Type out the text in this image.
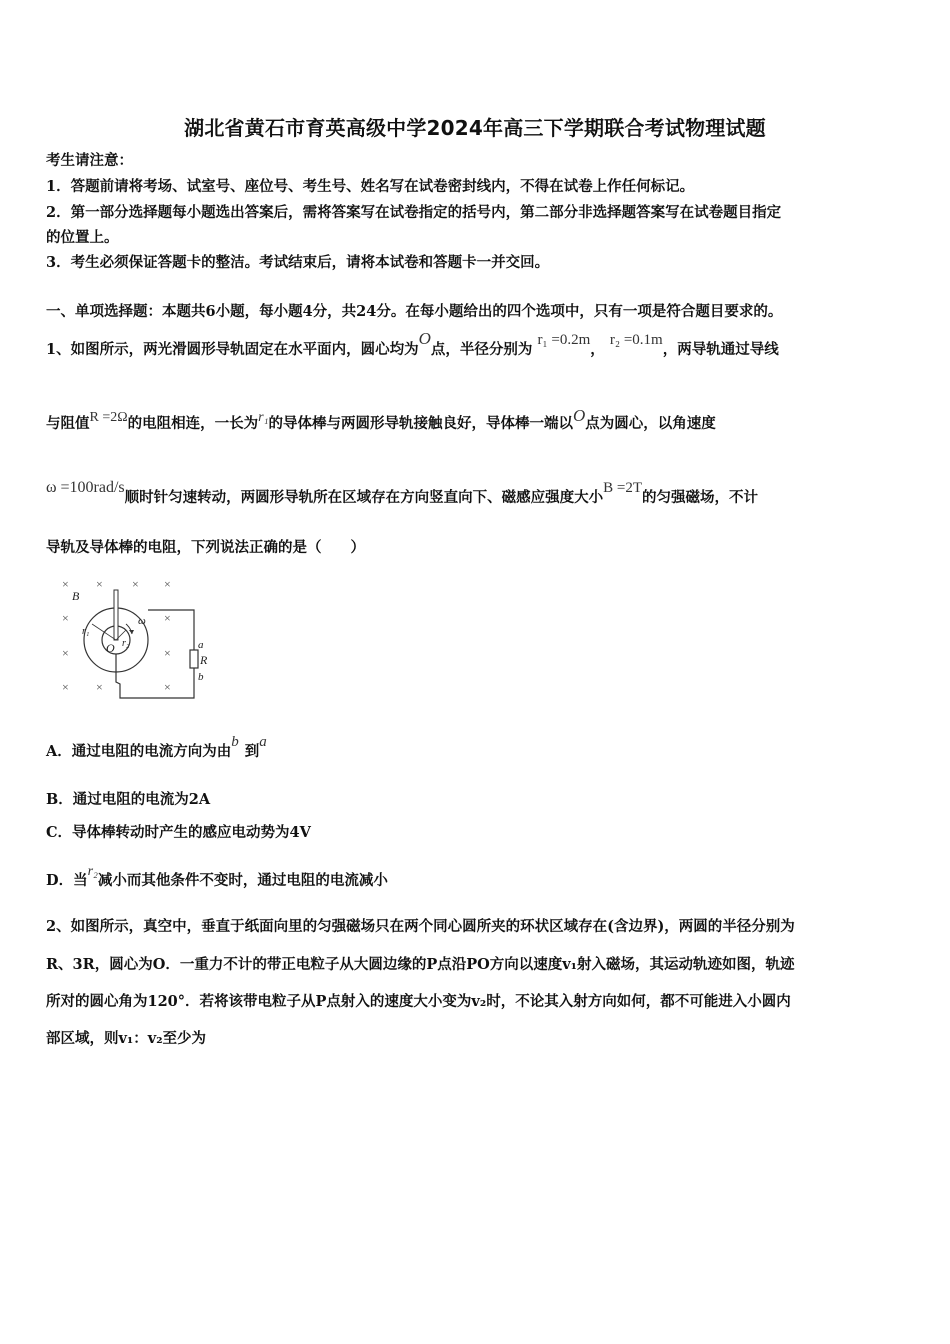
湖北省黄石市育英高级中学2024年高三下学期联合考试物理试题
考生请注意：
1．答题前请将考场、试室号、座位号、考生号、姓名写在试卷密封线内，不得在试卷上作任何标记。
2．第一部分选择题每小题选出答案后，需将答案写在试卷指定的括号内，第二部分非选择题答案写在试卷题目指定
的位置上。
3．考生必须保证答题卡的整洁。考试结束后，请将本试卷和答题卡一并交回。
一、单项选择题：本题共6小题，每小题4分，共24分。在每小题给出的四个选项中，只有一项是符合题目要求的。
1、如图所示，两光滑圆形导轨固定在水平面内，圆心均为O点，半径分别为 r₁ =0.2m， r₂ =0.1m，两导轨通过导线
与阻值R =2Ω的电阻相连，一长为r₁的导体棒与两圆形导轨接触良好，导体棒一端以O点为圆心，以角速度
ω =100rad/s顺时针匀速转动，两圆形导轨所在区域存在方向竖直向下、磁感应强度大小B =2T的匀强磁场，不计
导轨及导体棒的电阻，下列说法正确的是（　　）
× × × ×
×	×
×	×
× ×	×
B
r₁
r₂
O
ω
a
R
b
A．通过电阻的电流方向为由b到a
B．通过电阻的电流为2A
C．导体棒转动时产生的感应电动势为4V
D．当r₂减小而其他条件不变时，通过电阻的电流减小
2、如图所示，真空中，垂直于纸面向里的匀强磁场只在两个同心圆所夹的环状区域存在(含边界)，两圆的半径分别为
R、3R，圆心为O．一重力不计的带正电粒子从大圆边缘的P点沿PO方向以速度v₁射入磁场，其运动轨迹如图，轨迹
所对的圆心角为120°．若将该带电粒子从P点射入的速度大小变为v₂时，不论其入射方向如何，都不可能进入小圆内
部区域，则v₁：v₂至少为
